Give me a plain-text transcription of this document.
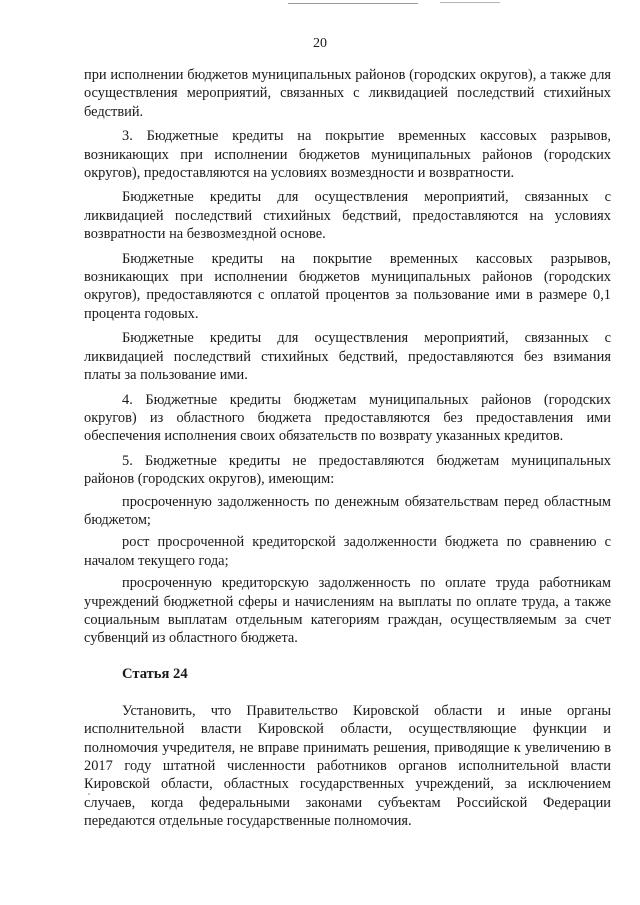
20

при исполнении бюджетов муниципальных районов (городских округов), а также для осуществления мероприятий, связанных с ликвидацией последствий стихийных бедствий.

3. Бюджетные кредиты на покрытие временных кассовых разрывов, возникающих при исполнении бюджетов муниципальных районов (городских округов), предоставляются на условиях возмездности и возвратности.

Бюджетные кредиты для осуществления мероприятий, связанных с ликвидацией последствий стихийных бедствий, предоставляются на условиях возвратности на безвозмездной основе.

Бюджетные кредиты на покрытие временных кассовых разрывов, возникающих при исполнении бюджетов муниципальных районов (городских округов), предоставляются с оплатой процентов за пользование ими в размере 0,1 процента годовых.

Бюджетные кредиты для осуществления мероприятий, связанных с ликвидацией последствий стихийных бедствий, предоставляются без взимания платы за пользование ими.

4. Бюджетные кредиты бюджетам муниципальных районов (городских округов) из областного бюджета предоставляются без предоставления ими обеспечения исполнения своих обязательств по возврату указанных кредитов.

5. Бюджетные кредиты не предоставляются бюджетам муниципальных районов (городских округов), имеющим:

просроченную задолженность по денежным обязательствам перед областным бюджетом;

рост просроченной кредиторской задолженности бюджета по сравнению с началом текущего года;

просроченную кредиторскую задолженность по оплате труда работникам учреждений бюджетной сферы и начислениям на выплаты по оплате труда, а также социальным выплатам отдельным категориям граждан, осуществляемым за счет субвенций из областного бюджета.

Статья 24

Установить, что Правительство Кировской области и иные органы исполнительной власти Кировской области, осуществляющие функции и полномочия учредителя, не вправе принимать решения, приводящие к увеличению в 2017 году штатной численности работников органов исполнительной власти Кировской области, областных государственных учреждений, за исключением случаев, когда федеральными законами субъектам Российской Федерации передаются отдельные государственные полномочия.
